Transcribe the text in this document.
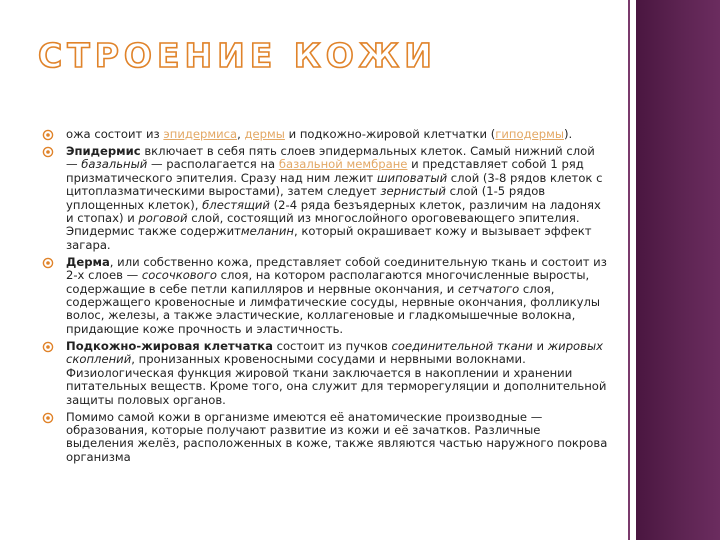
СТРОЕНИЕ КОЖИ
ожа состоит из эпидермиса, дермы и подкожно-жировой клетчатки (гиподермы).
Эпидермис включает в себя пять слоев эпидермальных клеток. Самый нижний слой — базальный — располагается на базальной мембране и представляет собой 1 ряд призматического эпителия. Сразу над ним лежит шиповатый слой (3-8 рядов клеток с цитоплазматическими выростами), затем следует зернистый слой (1-5 рядов уплощенных клеток), блестящий (2-4 ряда безъядерных клеток, различим на ладонях и стопах) и роговой слой, состоящий из многослойного ороговевающего эпителия. Эпидермис также содержитмеланин, который окрашивает кожу и вызывает эффект загара.
Дерма, или собственно кожа, представляет собой соединительную ткань и состоит из 2-х слоев — сосочкового слоя, на котором располагаются многочисленные выросты, содержащие в себе петли капилляров и нервные окончания, и сетчатого слоя, содержащего кровеносные и лимфатические сосуды, нервные окончания, фолликулы волос, железы, а также эластические, коллагеновые и гладкомышечные волокна, придающие коже прочность и эластичность.
Подкожно-жировая клетчатка состоит из пучков соединительной ткани и жировых скоплений, пронизанных кровеносными сосудами и нервными волокнами. Физиологическая функция жировой ткани заключается в накоплении и хранении питательных веществ. Кроме того, она служит для терморегуляции и дополнительной защиты половых органов.
Помимо самой кожи в организме имеются её анатомические производные — образования, которые получают развитие из кожи и её зачатков. Различные выделения желёз, расположенных в коже, также являются частью наружного покрова организма
